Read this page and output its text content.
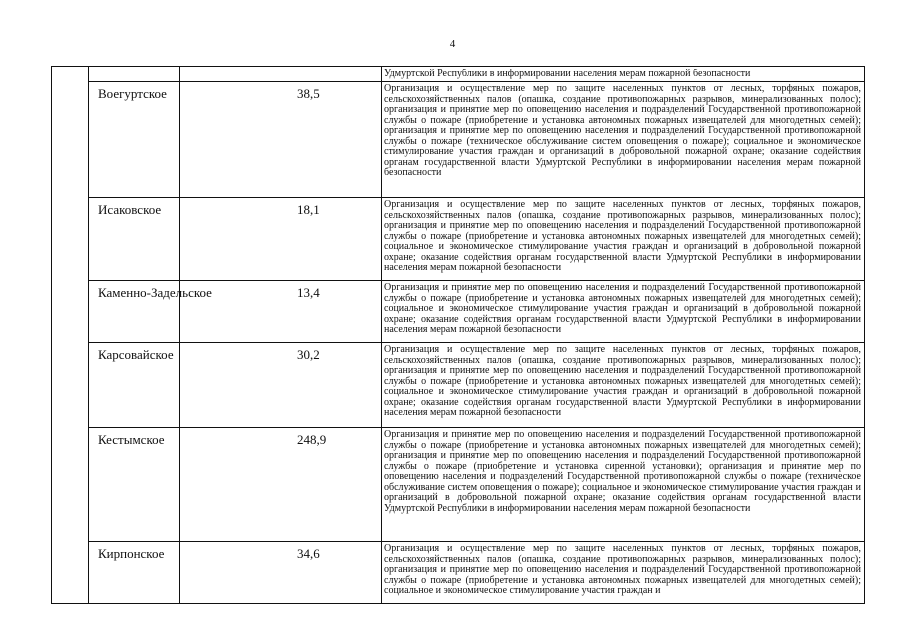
4
Удмуртской Республики в информировании населения мерам пожарной безопасности
Воегуртское	38,5	Организация и осуществление мер по защите населенных пунктов от лесных, торфяных пожаров, сельскохозяйственных палов (опашка, создание противопожарных разрывов, минерализованных полос); организация и принятие мер по оповещению населения и подразделений Государственной противопожарной службы о пожаре (приобретение и установка автономных пожарных извещателей для многодетных семей); организация и принятие мер по оповещению населения и подразделений Государственной противопожарной службы о пожаре (техническое обслуживание систем оповещения о пожаре); социальное и экономическое стимулирование участия граждан и организаций в добровольной пожарной охране; оказание содействия органам государственной власти Удмуртской Республики в информировании населения мерам пожарной безопасности
Исаковское	18,1	Организация и осуществление мер по защите населенных пунктов от лесных, торфяных пожаров, сельскохозяйственных палов (опашка, создание противопожарных разрывов, минерализованных полос); организация и принятие мер по оповещению населения и подразделений Государственной противопожарной службы о пожаре (приобретение и установка автономных пожарных извещателей для многодетных семей); социальное и экономическое стимулирование участия граждан и организаций в добровольной пожарной охране; оказание содействия органам государственной власти Удмуртской Республики в информировании населения мерам пожарной безопасности
Каменно-Задельское	13,4	Организация и принятие мер по оповещению населения и подразделений Государственной противопожарной службы о пожаре (приобретение и установка автономных пожарных извещателей для многодетных семей); социальное и экономическое стимулирование участия граждан и организаций в добровольной пожарной охране; оказание содействия органам государственной власти Удмуртской Республики в информировании населения мерам пожарной безопасности
Карсовайское	30,2	Организация и осуществление мер по защите населенных пунктов от лесных, торфяных пожаров, сельскохозяйственных палов (опашка, создание противопожарных разрывов, минерализованных полос); организация и принятие мер по оповещению населения и подразделений Государственной противопожарной службы о пожаре (приобретение и установка автономных пожарных извещателей для многодетных семей); социальное и экономическое стимулирование участия граждан и организаций в добровольной пожарной охране; оказание содействия органам государственной власти Удмуртской Республики в информировании населения мерам пожарной безопасности
Кестымское	248,9	Организация и принятие мер по оповещению населения и подразделений Государственной противопожарной службы о пожаре (приобретение и установка автономных пожарных извещателей для многодетных семей); организация и принятие мер по оповещению населения и подразделений Государственной противопожарной службы о пожаре (приобретение и установка сиренной установки); организация и принятие мер по оповещению населения и подразделений Государственной противопожарной службы о пожаре (техническое обслуживание систем оповещения о пожаре); социальное и экономическое стимулирование участия граждан и организаций в добровольной пожарной охране; оказание содействия органам государственной власти Удмуртской Республики в информировании населения мерам пожарной безопасности
Кирпонское	34,6	Организация и осуществление мер по защите населенных пунктов от лесных, торфяных пожаров, сельскохозяйственных палов (опашка, создание противопожарных разрывов, минерализованных полос); организация и принятие мер по оповещению населения и подразделений Государственной противопожарной службы о пожаре (приобретение и установка автономных пожарных извещателей для многодетных семей); социальное и экономическое стимулирование участия граждан и
